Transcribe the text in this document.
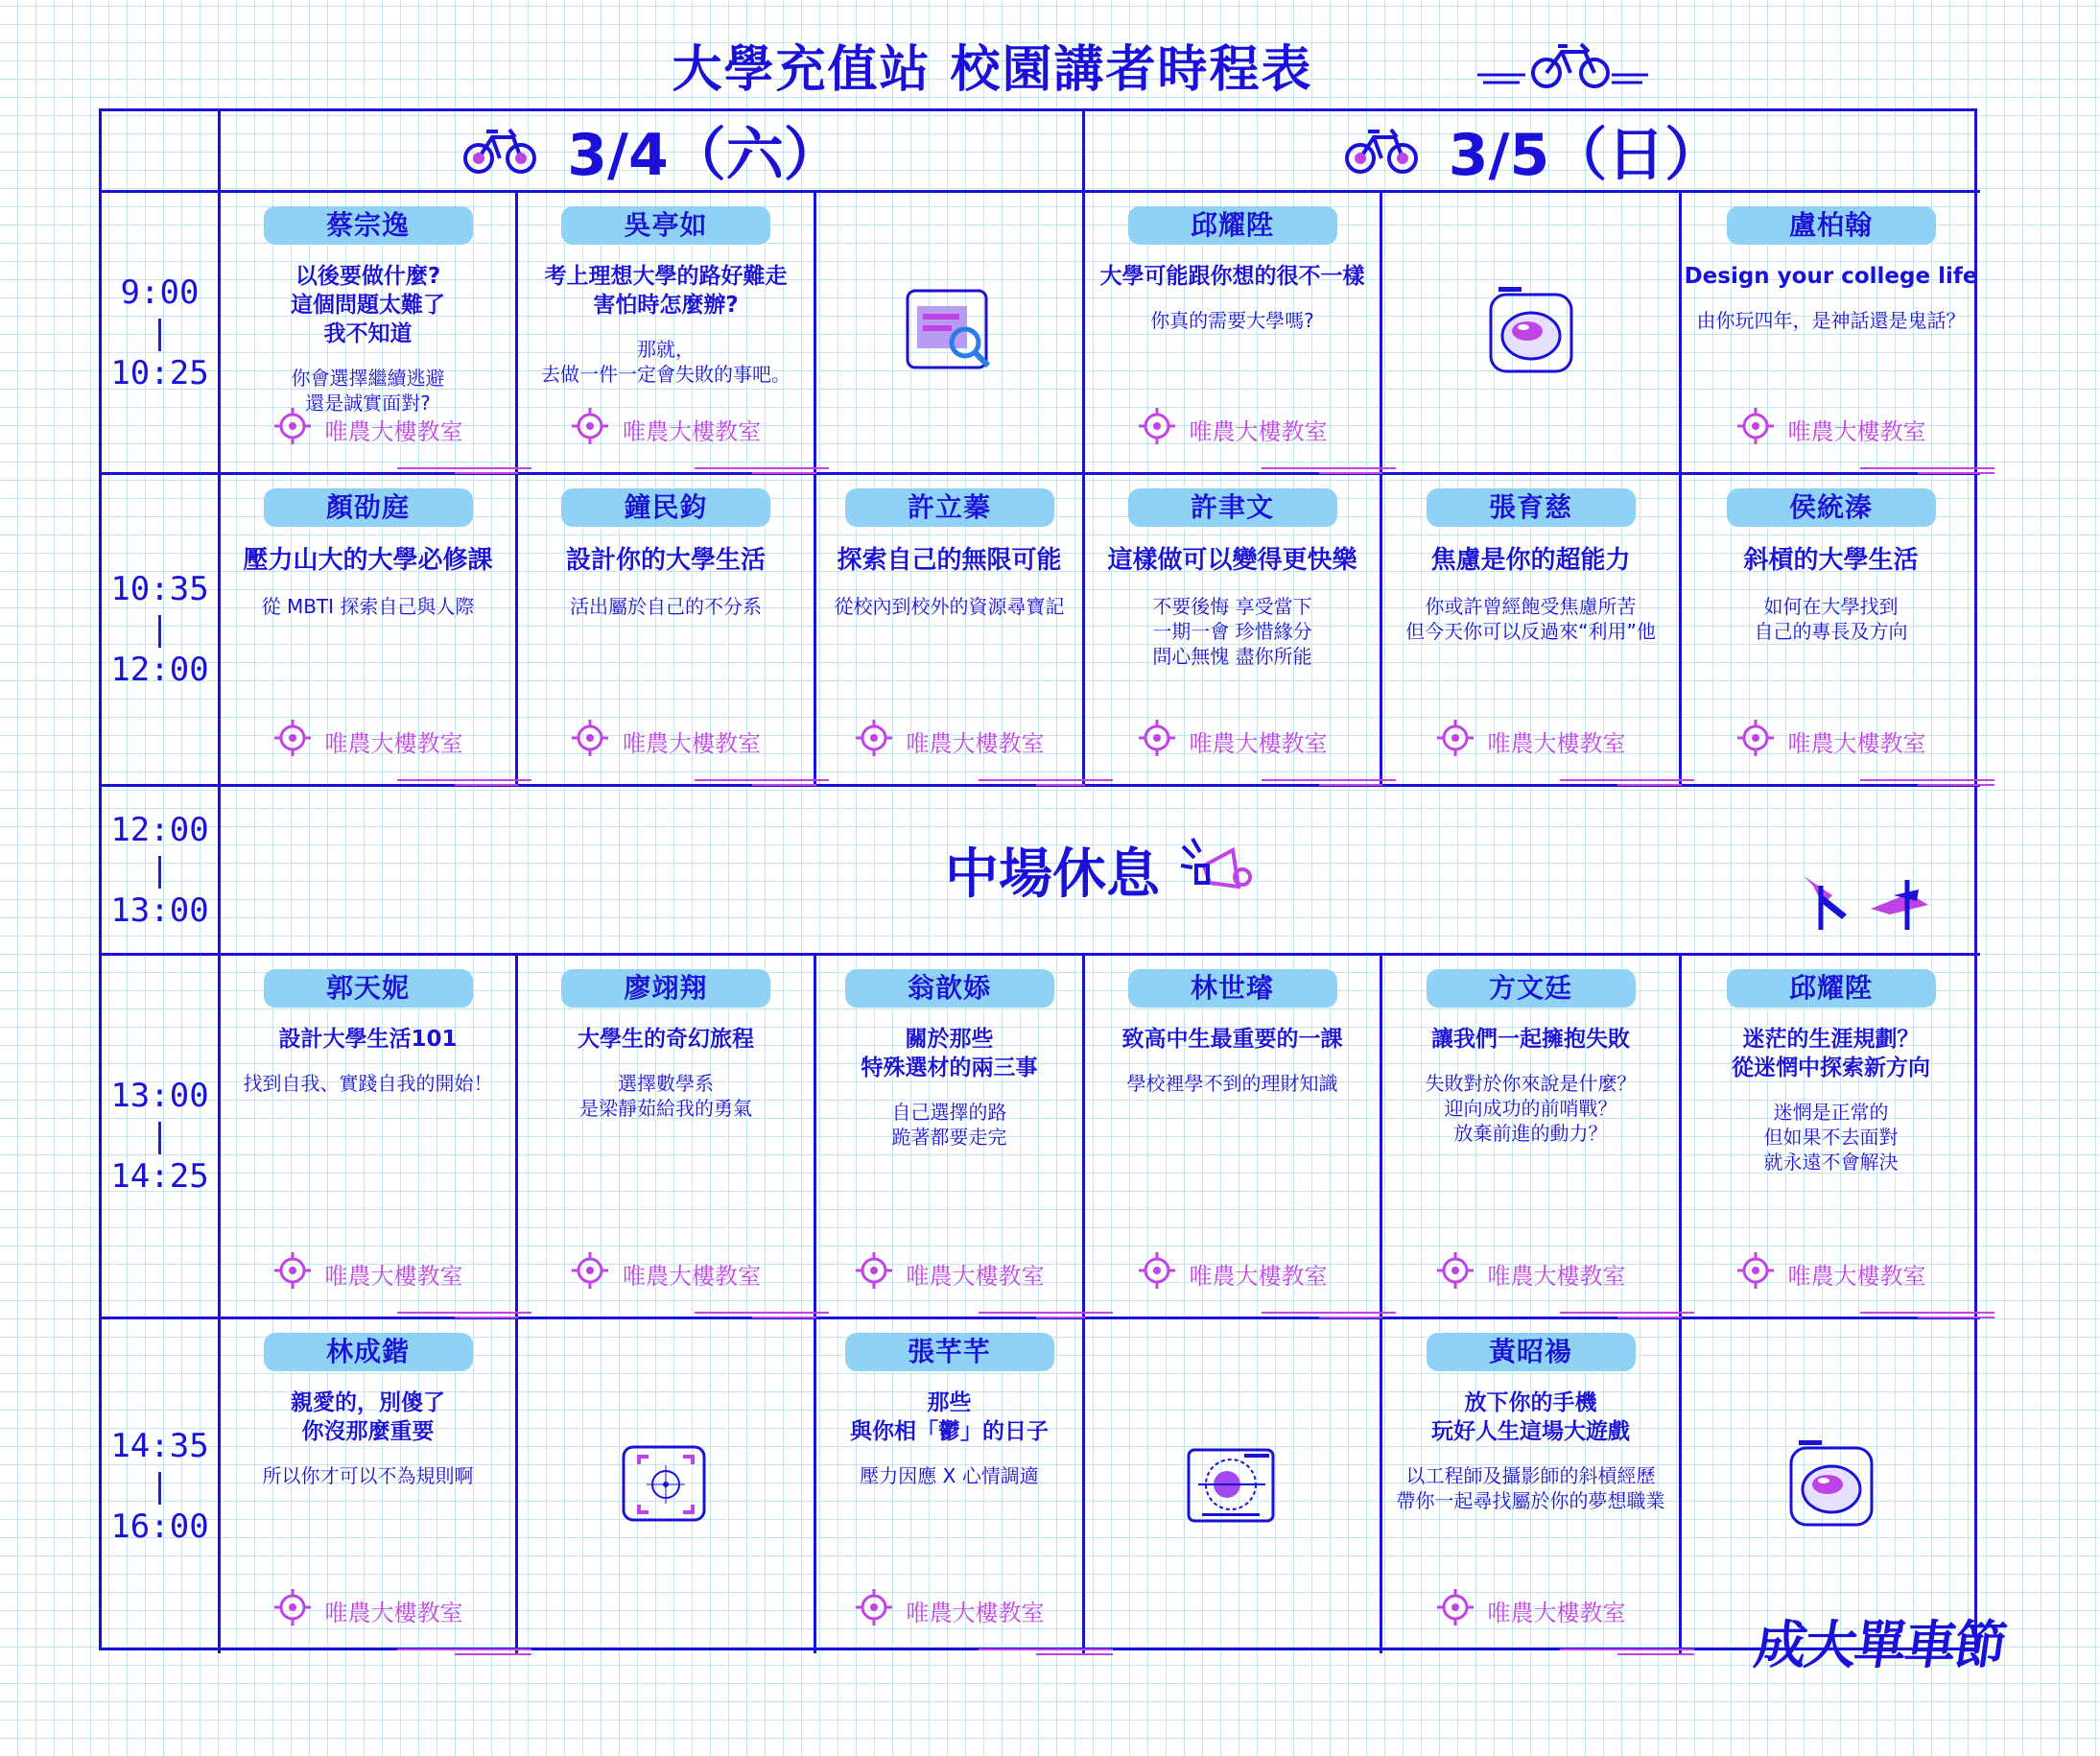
大學充值站 校園講者時程表
3/4（六）	3/5（日）
9:00
|
10:25
蔡宗逸
以後要做什麼?
這個問題太難了
我不知道
你會選擇繼續逃避
還是誠實面對?
唯農大樓教室
吳亭如
考上理想大學的路好難走
害怕時怎麼辦?
那就，
去做一件一定會失敗的事吧。
唯農大樓教室
邱耀陞
大學可能跟你想的很不一樣
你真的需要大學嗎?
唯農大樓教室
盧柏翰
Design your college life
由你玩四年，是神話還是鬼話？
唯農大樓教室
10:35
|
12:00
顏劭庭
壓力山大的大學必修課
從 MBTI 探索自己與人際
唯農大樓教室
鐘民鈞
設計你的大學生活
活出屬於自己的不分系
唯農大樓教室
許立蓁
探索自己的無限可能
從校內到校外的資源尋寶記
唯農大樓教室
許聿文
這樣做可以變得更快樂
不要後悔 享受當下
一期一會 珍惜緣分
問心無愧 盡你所能
唯農大樓教室
張育慈
焦慮是你的超能力
你或許曾經飽受焦慮所苦
但今天你可以反過來“利用”他
唯農大樓教室
侯統溱
斜槓的大學生活
如何在大學找到
自己的專長及方向
唯農大樓教室
12:00
|
13:00
中場休息
13:00
|
14:25
郭天妮
設計大學生活101
找到自我、實踐自我的開始！
唯農大樓教室
廖翊翔
大學生的奇幻旅程
選擇數學系
是梁靜茹給我的勇氣
唯農大樓教室
翁歆婖
關於那些
特殊選材的兩三事
自己選擇的路
跪著都要走完
唯農大樓教室
林世璿
致高中生最重要的一課
學校裡學不到的理財知識
唯農大樓教室
方文廷
讓我們一起擁抱失敗
失敗對於你來說是什麼？
迎向成功的前哨戰？
放棄前進的動力？
唯農大樓教室
邱耀陞
迷茫的生涯規劃？
從迷惘中探索新方向
迷惘是正常的
但如果不去面對
就永遠不會解決
唯農大樓教室
14:35
|
16:00
林成鍇
親愛的，別傻了
你沒那麼重要
所以你才可以不為規則啊
唯農大樓教室
張芊芊
那些
與你相「鬱」的日子
壓力因應 X 心情調適
唯農大樓教室
黃昭禓
放下你的手機
玩好人生這場大遊戲
以工程師及攝影師的斜槓經歷
帶你一起尋找屬於你的夢想職業
唯農大樓教室
成大單車節
